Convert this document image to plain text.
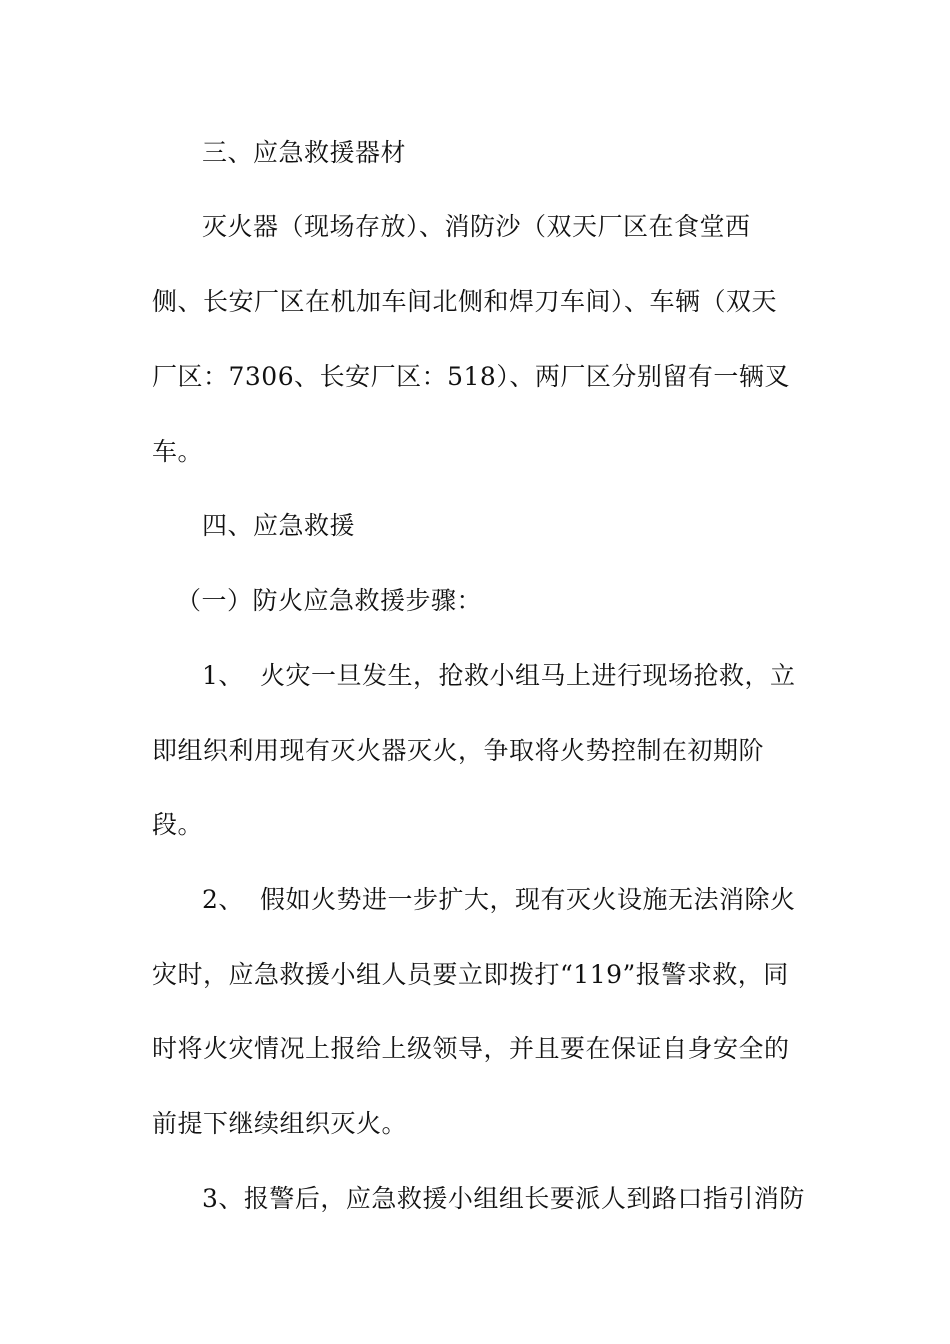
三、应急救援器材
灭火器（现场存放）、消防沙（双天厂区在食堂西
侧、长安厂区在机加车间北侧和焊刀车间）、车辆（双天
厂区：7306、长安厂区：518）、两厂区分别留有一辆叉
车。
四、应急救援
（一）防火应急救援步骤：
1、 火灾一旦发生，抢救小组马上进行现场抢救，立
即组织利用现有灭火器灭火，争取将火势控制在初期阶
段。
2、 假如火势进一步扩大，现有灭火设施无法消除火
灾时，应急救援小组人员要立即拨打“119”报警求救，同
时将火灾情况上报给上级领导，并且要在保证自身安全的
前提下继续组织灭火。
3、报警后，应急救援小组组长要派人到路口指引消防
